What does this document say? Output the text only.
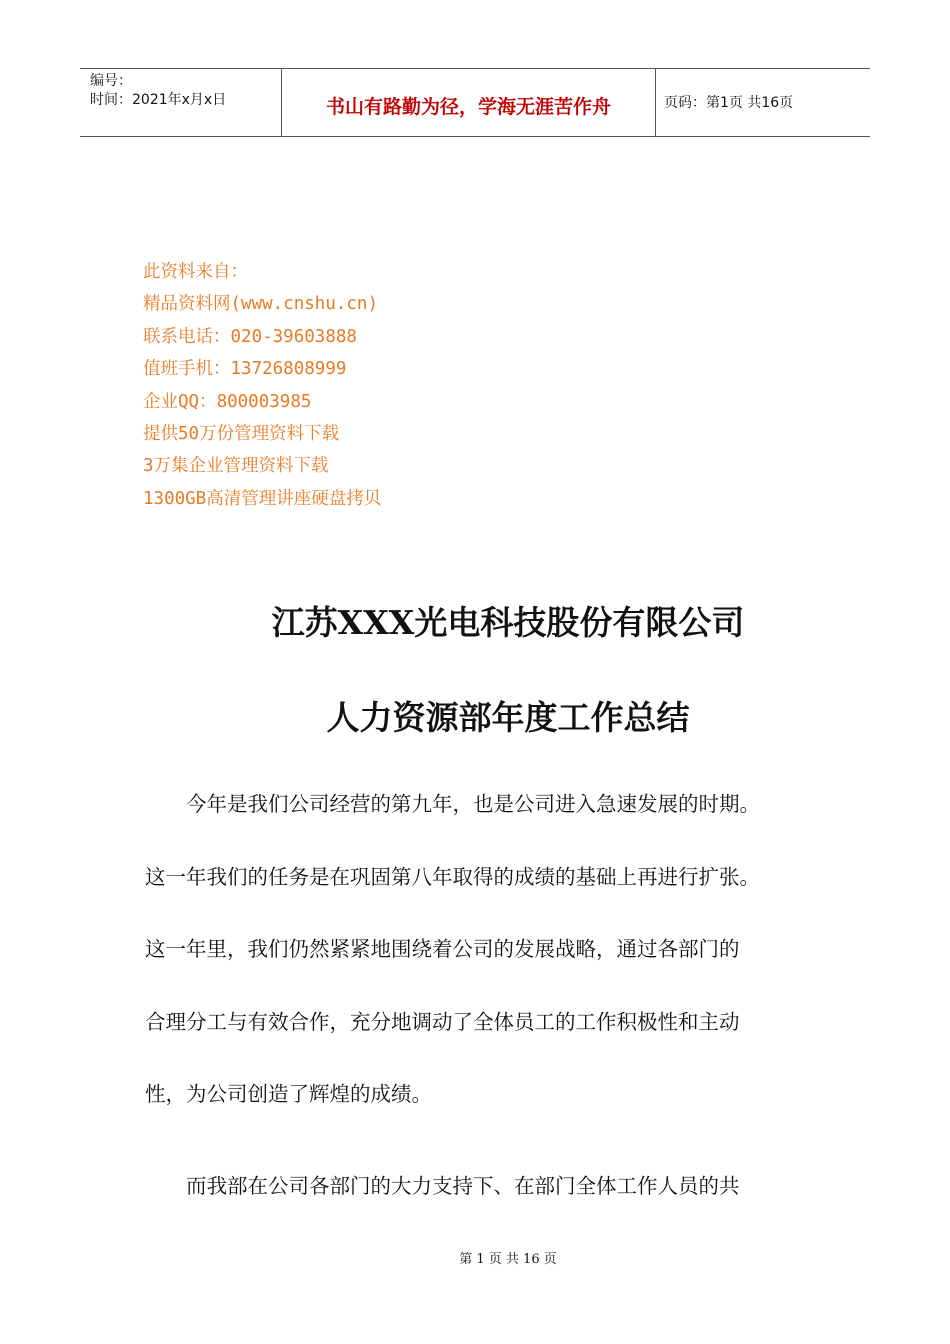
编号：
时间：2021年x月x日	书山有路勤为径，学海无涯苦作舟	页码：第1页 共16页
此资料来自：
精品资料网(www.cnshu.cn)
联系电话：020-39603888
值班手机：13726808999
企业QQ：800003985
提供50万份管理资料下载
3万集企业管理资料下载
1300GB高清管理讲座硬盘拷贝
江苏XXX光电科技股份有限公司
人力资源部年度工作总结
　　今年是我们公司经营的第九年，也是公司进入急速发展的时期。
这一年我们的任务是在巩固第八年取得的成绩的基础上再进行扩张。
这一年里，我们仍然紧紧地围绕着公司的发展战略，通过各部门的
合理分工与有效合作，充分地调动了全体员工的工作积极性和主动
性，为公司创造了辉煌的成绩。
　　而我部在公司各部门的大力支持下、在部门全体工作人员的共
第 1 页 共 16 页
